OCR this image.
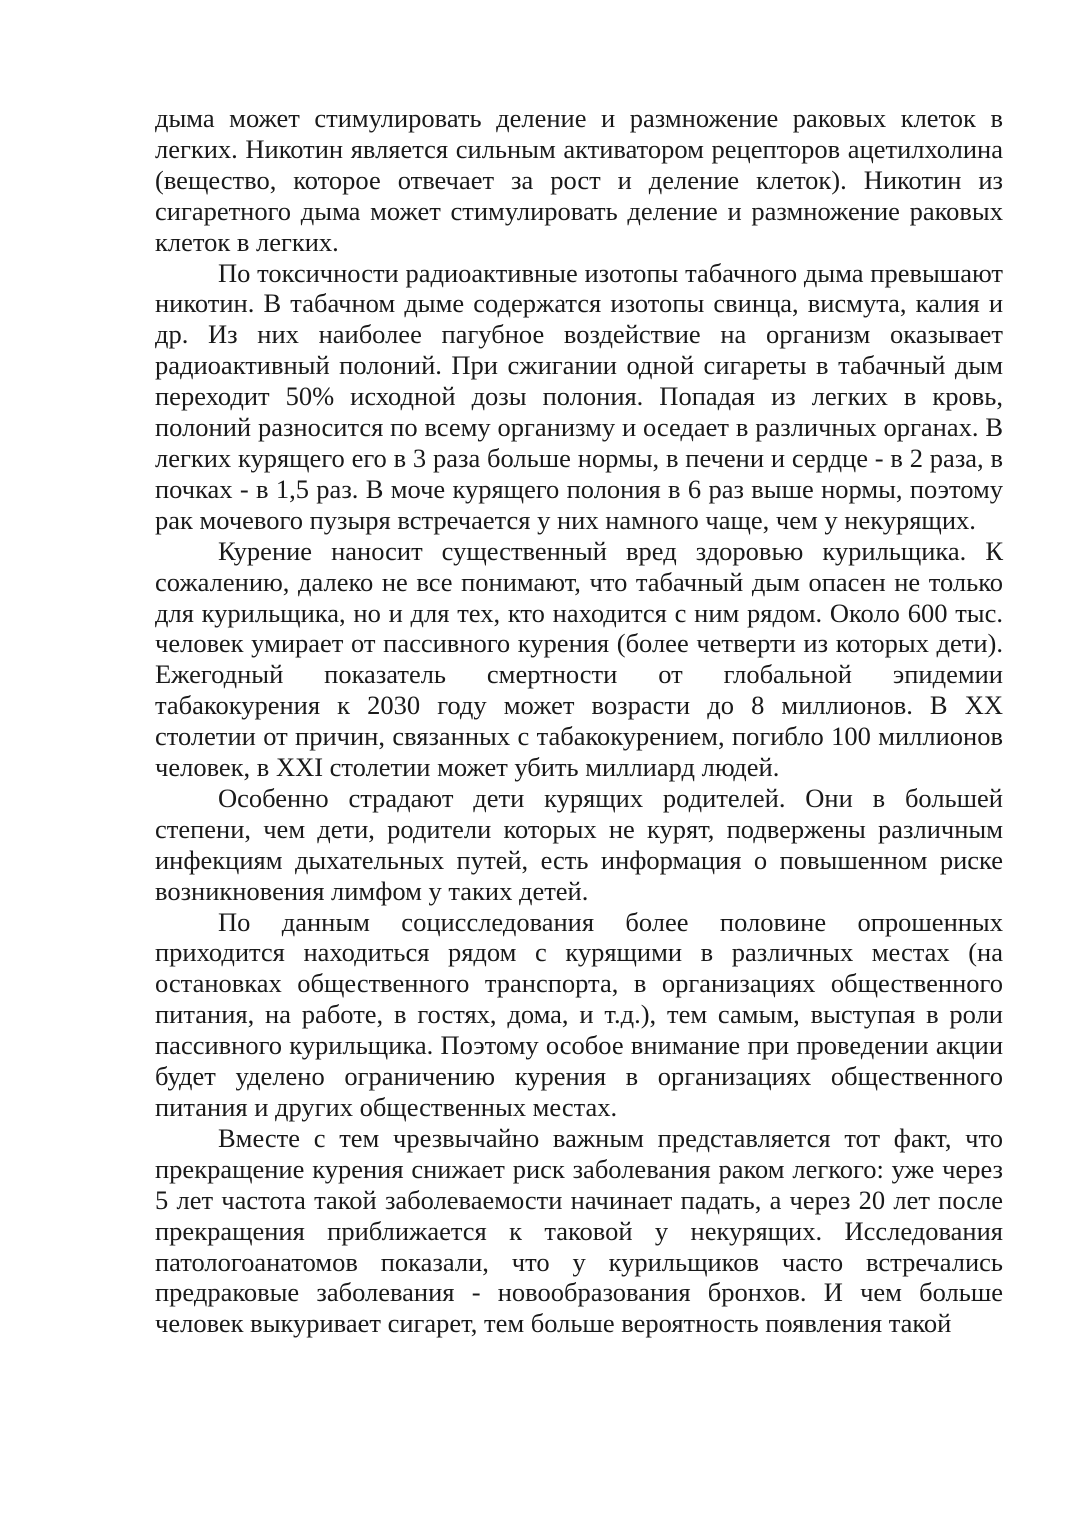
дыма может стимулировать деление и размножение раковых клеток в легких. Никотин является сильным активатором рецепторов ацетилхолина (вещество, которое отвечает за рост и деление клеток). Никотин из сигаретного дыма может стимулировать деление и размножение раковых клеток в легких.

По токсичности радиоактивные изотопы табачного дыма превышают никотин. В табачном дыме содержатся изотопы свинца, висмута, калия и др. Из них наиболее пагубное воздействие на организм оказывает радиоактивный полоний. При сжигании одной сигареты в табачный дым переходит 50% исходной дозы полония. Попадая из легких в кровь, полоний разносится по всему организму и оседает в различных органах. В легких курящего его в 3 раза больше нормы, в печени и сердце - в 2 раза, в почках - в 1,5 раз. В моче курящего полония в 6 раз выше нормы, поэтому рак мочевого пузыря встречается у них намного чаще, чем у некурящих.

Курение наносит существенный вред здоровью курильщика. К сожалению, далеко не все понимают, что табачный дым опасен не только для курильщика, но и для тех, кто находится с ним рядом. Около 600 тыс. человек умирает от пассивного курения (более четверти из которых дети). Ежегодный показатель смертности от глобальной эпидемии табакокурения к 2030 году может возрасти до 8 миллионов. В XX столетии от причин, связанных с табакокурением, погибло 100 миллионов человек, в XXI столетии может убить миллиард людей.

Особенно страдают дети курящих родителей. Они в большей степени, чем дети, родители которых не курят, подвержены различным инфекциям дыхательных путей, есть информация о повышенном риске возникновения лимфом у таких детей.

По данным социсследования более половине опрошенных приходится находиться рядом с курящими в различных местах (на остановках общественного транспорта, в организациях общественного питания, на работе, в гостях, дома, и т.д.), тем самым, выступая в роли пассивного курильщика. Поэтому особое внимание при проведении акции будет уделено ограничению курения в организациях общественного питания и других общественных местах.

Вместе с тем чрезвычайно важным представляется тот факт, что прекращение курения снижает риск заболевания раком легкого: уже через 5 лет частота такой заболеваемости начинает падать, а через 20 лет после прекращения приближается к таковой у некурящих. Исследования патологоанатомов показали, что у курильщиков часто встречались предраковые заболевания - новообразования бронхов. И чем больше человек выкуривает сигарет, тем больше вероятность появления такой
